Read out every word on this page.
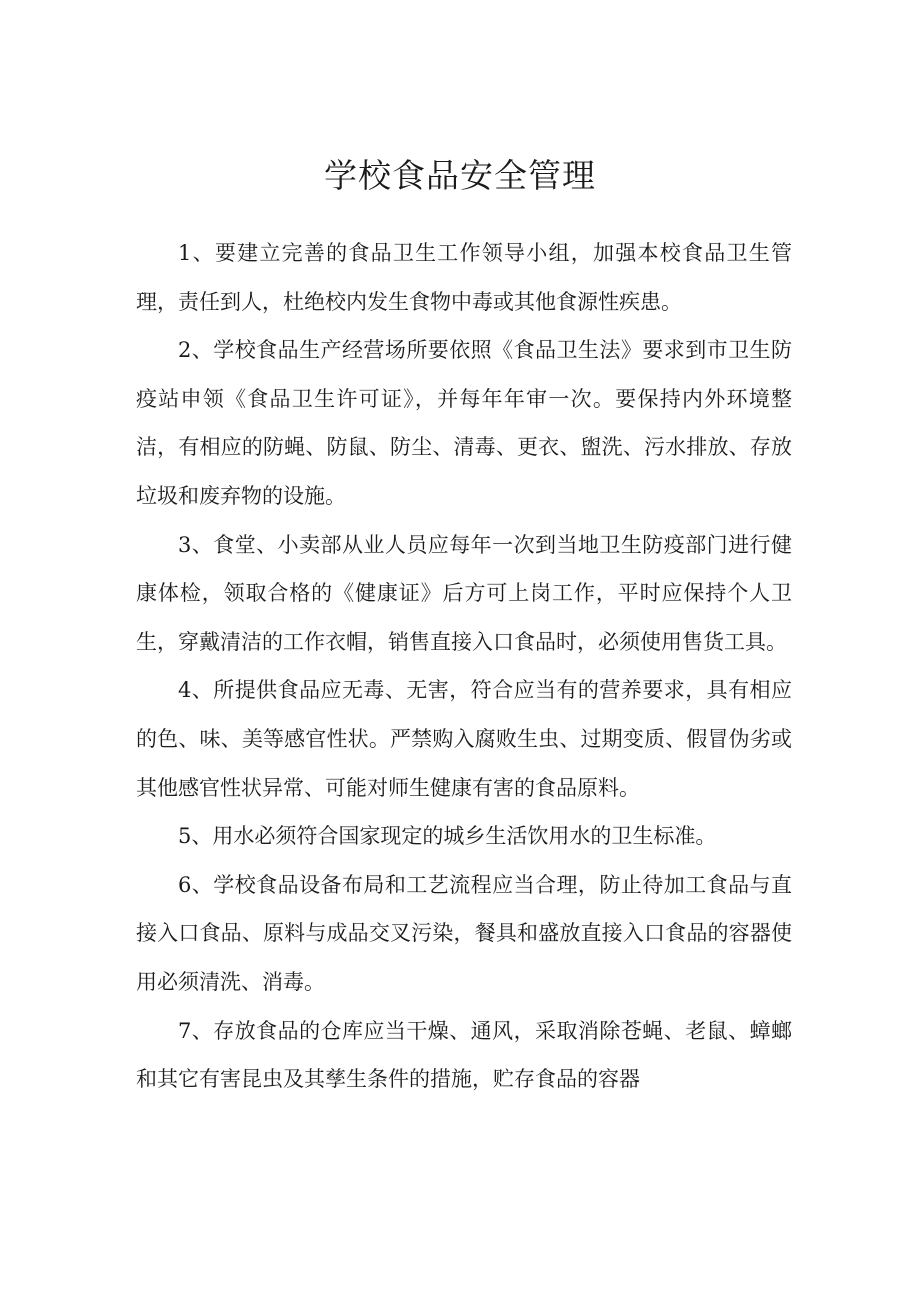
学校食品安全管理

1、要建立完善的食品卫生工作领导小组，加强本校食品卫生管理，责任到人，杜绝校内发生食物中毒或其他食源性疾患。

2、学校食品生产经营场所要依照《食品卫生法》要求到市卫生防疫站申领《食品卫生许可证》，并每年年审一次。要保持内外环境整洁，有相应的防蝇、防鼠、防尘、清毒、更衣、盥洗、污水排放、存放垃圾和废弃物的设施。

3、食堂、小卖部从业人员应每年一次到当地卫生防疫部门进行健康体检，领取合格的《健康证》后方可上岗工作，平时应保持个人卫生，穿戴清洁的工作衣帽，销售直接入口食品时，必须使用售货工具。

4、所提供食品应无毒、无害，符合应当有的营养要求，具有相应的色、味、美等感官性状。严禁购入腐败生虫、过期变质、假冒伪劣或其他感官性状异常、可能对师生健康有害的食品原料。

5、用水必须符合国家现定的城乡生活饮用水的卫生标准。

6、学校食品设备布局和工艺流程应当合理，防止待加工食品与直接入口食品、原料与成品交叉污染，餐具和盛放直接入口食品的容器使用必须清洗、消毒。

7、存放食品的仓库应当干燥、通风，采取消除苍蝇、老鼠、蟑螂和其它有害昆虫及其孳生条件的措施，贮存食品的容器
